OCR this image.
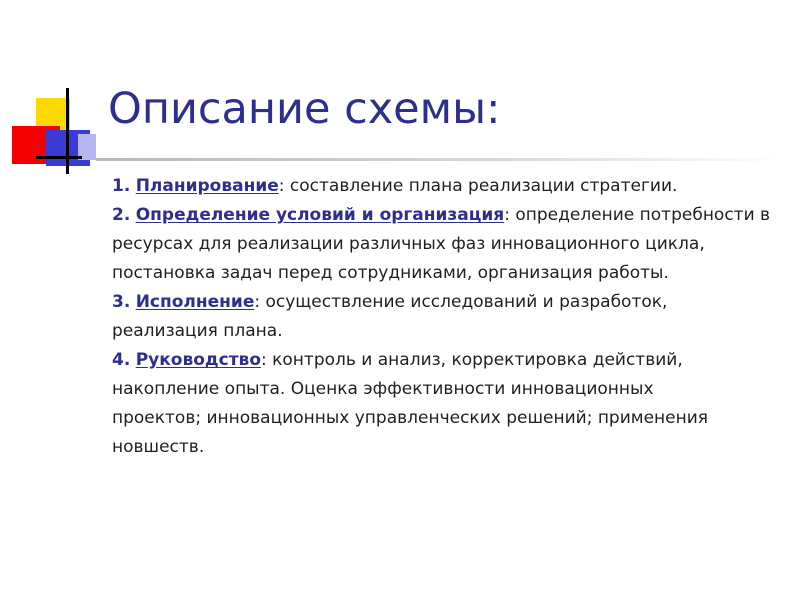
Описание схемы:

1. Планирование: составление плана реализации стратегии.

2. Определение условий и организация: определение потребности в

ресурсах для реализации различных фаз инновационного цикла,

постановка задач перед сотрудниками, организация работы.

3. Исполнение: осуществление исследований и разработок,

реализация плана.

4. Руководство: контроль и анализ, корректировка действий,

накопление опыта. Оценка эффективности инновационных

проектов; инновационных управленческих решений; применения

новшеств.
